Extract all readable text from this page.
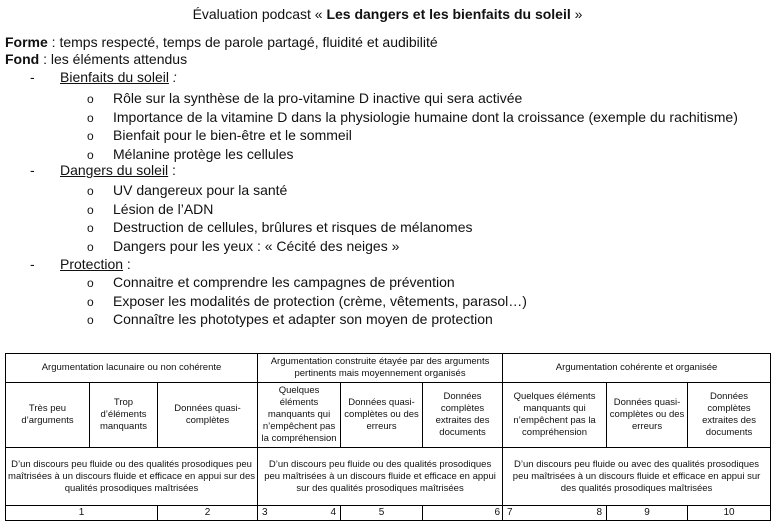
Évaluation podcast « Les dangers et les bienfaits du soleil »
Forme : temps respecté, temps de parole partagé, fluidité et audibilité
Fond : les éléments attendus
- Bienfaits du soleil :
o Rôle sur la synthèse de la pro-vitamine D inactive qui sera activée
o Importance de la vitamine D dans la physiologie humaine dont la croissance (exemple du rachitisme)
o Bienfait pour le bien-être et le sommeil
o Mélanine protège les cellules
- Dangers du soleil :
o UV dangereux pour la santé
o Lésion de l’ADN
o Destruction de cellules, brûlures et risques de mélanomes
o Dangers pour les yeux : « Cécité des neiges »
- Protection :
o Connaitre et comprendre les campagnes de prévention
o Exposer les modalités de protection (crème, vêtements, parasol…)
o Connaître les phototypes et adapter son moyen de protection
Argumentation lacunaire ou non cohérente			Argumentation construite étayée par des arguments pertinents mais moyennement organisés			Argumentation cohérente et organisée		
Très peu d’arguments	Trop d’éléments manquants	Données quasi-complètes	Quelques éléments manquants qui n’empêchent pas la compréhension	Données quasi-complètes ou des erreurs	Données complètes extraites des documents	Quelques éléments manquants qui n’empêchent pas la compréhension	Données quasi-complètes ou des erreurs	Données complètes extraites des documents
D’un discours peu fluide ou des qualités prosodiques peu maîtrisées à un discours fluide et efficace en appui sur des qualités prosodiques maîtrisées			D’un discours peu fluide ou des qualités prosodiques peu maîtrisées à un discours fluide et efficace en appui sur des qualités prosodiques maîtrisées			D’un discours peu fluide ou avec des qualités prosodiques peu maîtrisées à un discours fluide et efficace en appui sur des qualités prosodiques maîtrisées		
1		2	3 4	5	6	7 8	9	10
